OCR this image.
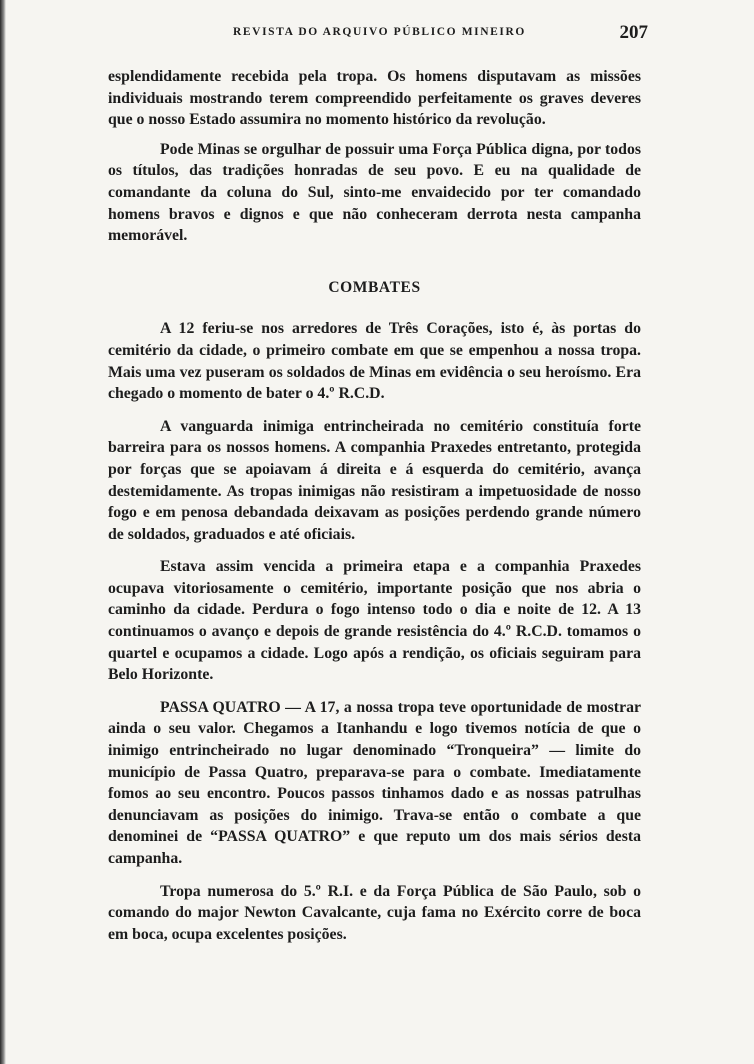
REVISTA DO ARQUIVO PÚBLICO MINEIRO	207

esplendidamente recebida pela tropa. Os homens disputavam as missões individuais mostrando terem compreendido perfeitamente os graves deveres que o nosso Estado assumira no momento histórico da revolução.

Pode Minas se orgulhar de possuir uma Força Pública digna, por todos os títulos, das tradições honradas de seu povo. E eu na qualidade de comandante da coluna do Sul, sinto-me envaidecido por ter comandado homens bravos e dignos e que não conheceram derrota nesta campanha memorável.

COMBATES

A 12 feriu-se nos arredores de Três Corações, isto é, às portas do cemitério da cidade, o primeiro combate em que se empenhou a nossa tropa. Mais uma vez puseram os soldados de Minas em evidência o seu heroísmo. Era chegado o momento de bater o 4.º R.C.D.

A vanguarda inimiga entrincheirada no cemitério constituía forte barreira para os nossos homens. A companhia Praxedes entretanto, protegida por forças que se apoiavam á direita e á esquerda do cemitério, avança destemidamente. As tropas inimigas não resistiram a impetuosidade de nosso fogo e em penosa debandada deixavam as posições perdendo grande número de soldados, graduados e até oficiais.

Estava assim vencida a primeira etapa e a companhia Praxedes ocupava vitoriosamente o cemitério, importante posição que nos abria o caminho da cidade. Perdura o fogo intenso todo o dia e noite de 12. A 13 continuamos o avanço e depois de grande resistência do 4.º R.C.D. tomamos o quartel e ocupamos a cidade. Logo após a rendição, os oficiais seguiram para Belo Horizonte.

PASSA QUATRO — A 17, a nossa tropa teve oportunidade de mostrar ainda o seu valor. Chegamos a Itanhandu e logo tivemos notícia de que o inimigo entrincheirado no lugar denominado “Tronqueira” — limite do município de Passa Quatro, preparava-se para o combate. Imediatamente fomos ao seu encontro. Poucos passos tinhamos dado e as nossas patrulhas denunciavam as posições do inimigo. Trava-se então o combate a que denominei de “PASSA QUATRO” e que reputo um dos mais sérios desta campanha.

Tropa numerosa do 5.º R.I. e da Força Pública de São Paulo, sob o comando do major Newton Cavalcante, cuja fama no Exército corre de boca em boca, ocupa excelentes posições.
